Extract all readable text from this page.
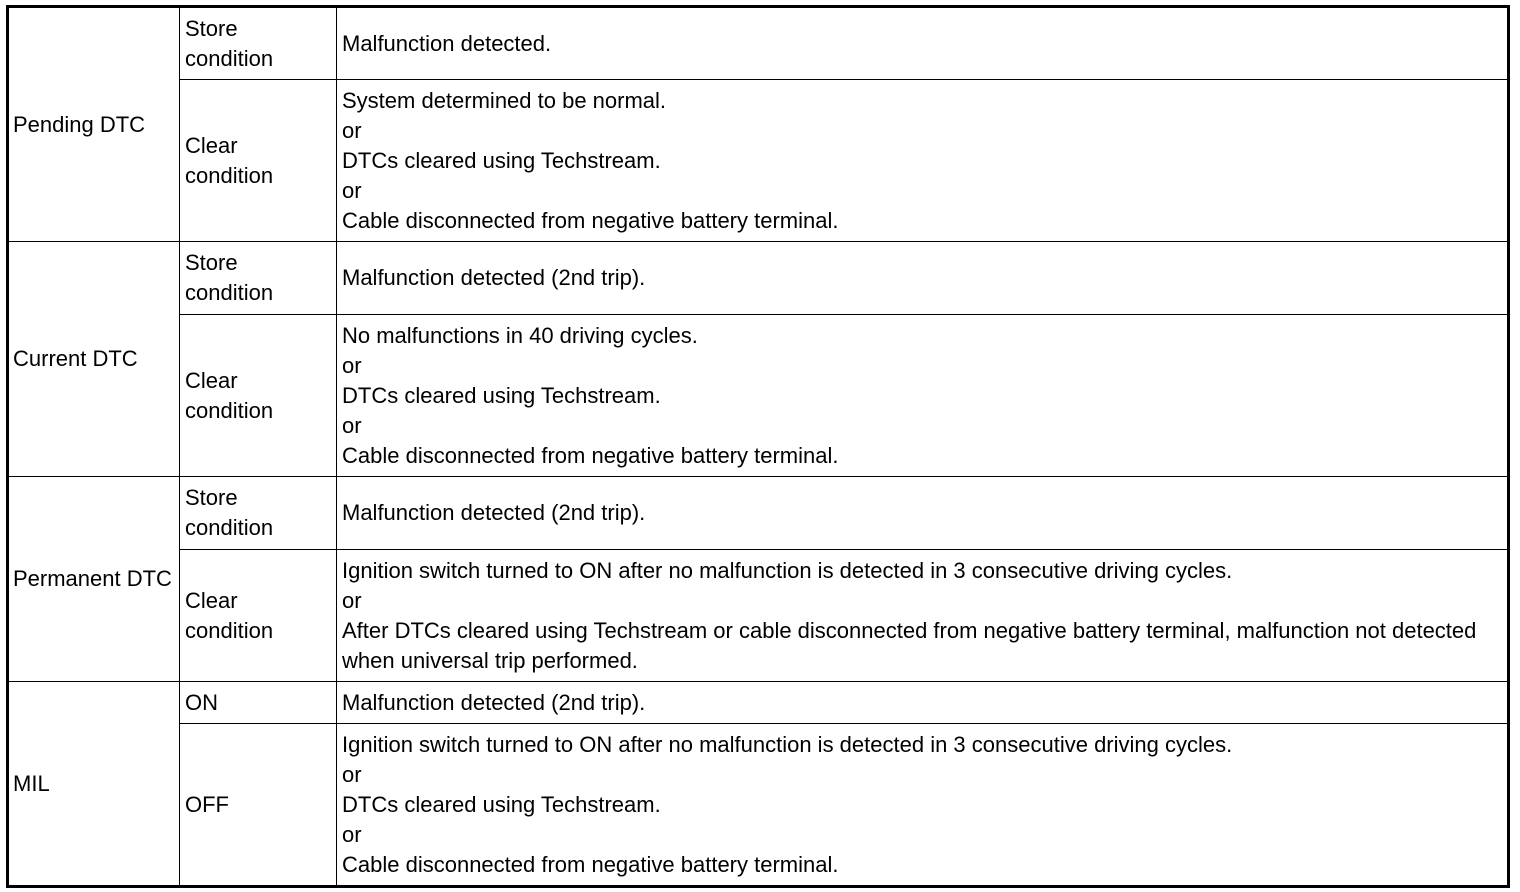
Pending DTC	Store condition	Malfunction detected.

	Clear condition	System determined to be normal.
or
DTCs cleared using Techstream.
or
Cable disconnected from negative battery terminal.

Current DTC	Store condition	Malfunction detected (2nd trip).

	Clear condition	No malfunctions in 40 driving cycles.
or
DTCs cleared using Techstream.
or
Cable disconnected from negative battery terminal.

Permanent DTC	Store condition	Malfunction detected (2nd trip).

	Clear condition	Ignition switch turned to ON after no malfunction is detected in 3 consecutive driving cycles.
or
After DTCs cleared using Techstream or cable disconnected from negative battery terminal, malfunction not detected when universal trip performed.

MIL	ON	Malfunction detected (2nd trip).

	OFF	Ignition switch turned to ON after no malfunction is detected in 3 consecutive driving cycles.
or
DTCs cleared using Techstream.
or
Cable disconnected from negative battery terminal.
